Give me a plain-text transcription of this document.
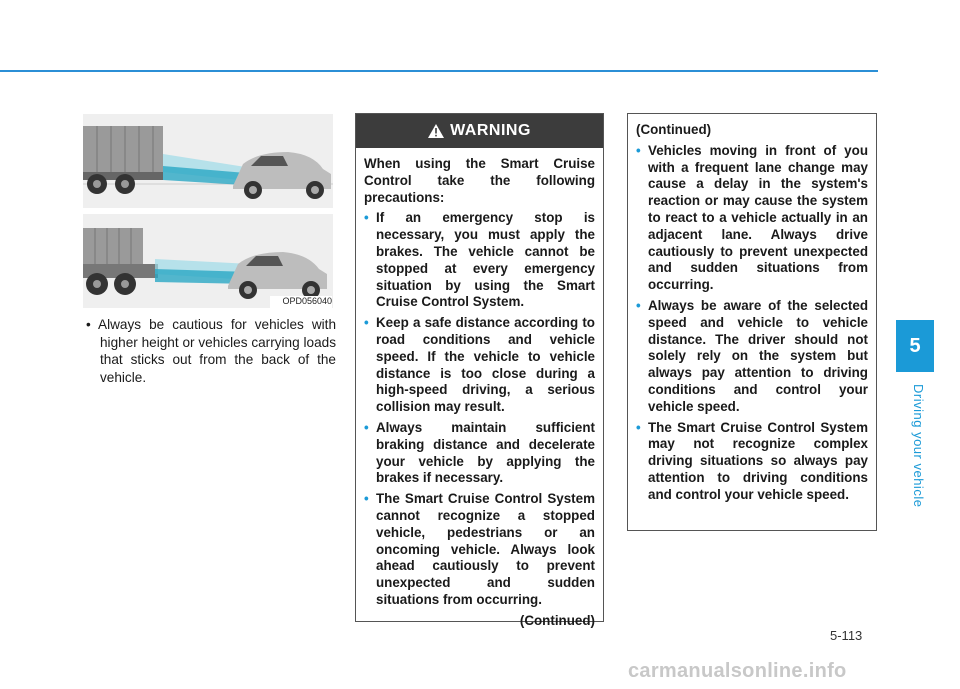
5
Driving your vehicle
OPD056040
• Always be cautious for vehicles with higher height or vehicles carrying loads that sticks out from the back of the vehicle.
WARNING

When using the Smart Cruise Control take the following precautions:

• If an emergency stop is necessary, you must apply the brakes. The vehicle cannot be stopped at every emergency situation by using the Smart Cruise Control System.
• Keep a safe distance according to road conditions and vehicle speed. If the vehicle to vehicle distance is too close during a high-speed driving, a serious collision may result.
• Always maintain sufficient braking distance and decelerate your vehicle by applying the brakes if necessary.
• The Smart Cruise Control System cannot recognize a stopped vehicle, pedestrians or an oncoming vehicle. Always look ahead cautiously to prevent unexpected and sudden situations from occurring.
(Continued)

(Continued)

• Vehicles moving in front of you with a frequent lane change may cause a delay in the system's reaction or may cause the system to react to a vehicle actually in an adjacent lane. Always drive cautiously to prevent unexpected and sudden situations from occurring.
• Always be aware of the selected speed and vehicle to vehicle distance. The driver should not solely rely on the system but always pay attention to driving conditions and control your vehicle speed.
• The Smart Cruise Control System may not recognize complex driving situations so always pay attention to driving conditions and control your vehicle speed.
5-113
carmanualsonline.info
